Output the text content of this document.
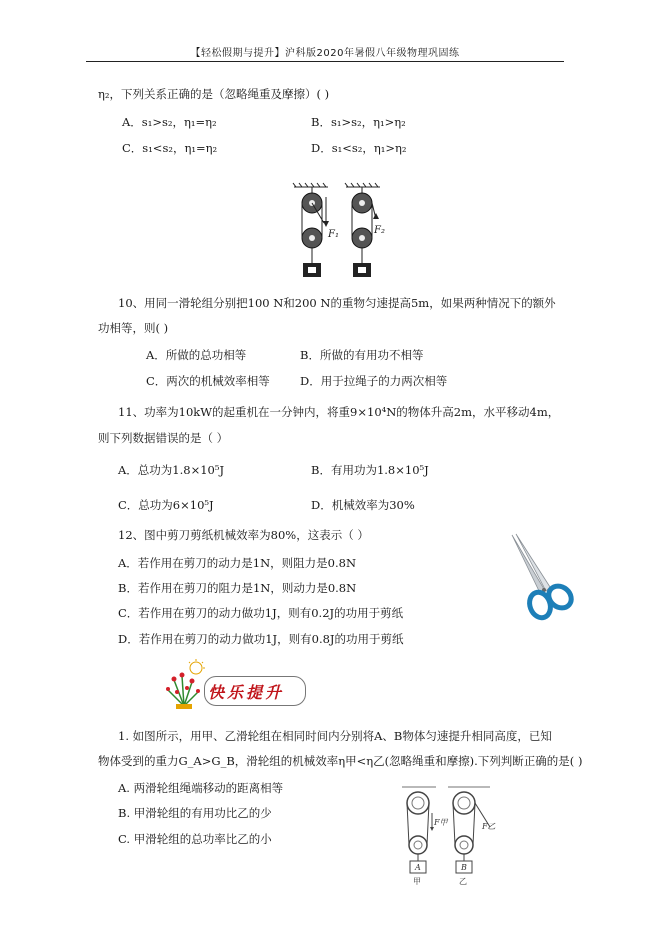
【轻松假期与提升】沪科版2020年暑假八年级物理巩固练
η₂，下列关系正确的是（忽略绳重及摩擦）( )
A．s₁>s₂，η₁=η₂	B．s₁>s₂，η₁>η₂
C．s₁<s₂，η₁=η₂	D．s₁<s₂，η₁>η₂
F₁	F₂
10、用同一滑轮组分别把100 N和200 N的重物匀速提高5m，如果两种情况下的额外
功相等，则( )
A．所做的总功相等	B．所做的有用功不相等
C．两次的机械效率相等	D．用于拉绳子的力两次相等
11、功率为10kW的起重机在一分钟内，将重9×10⁴N的物体升高2m，水平移动4m，
则下列数据错误的是（ ）
A．总功为1.8×10⁵J	B．有用功为1.8×10⁵J
C．总功为6×10⁵J	D．机械效率为30%
12、图中剪刀剪纸机械效率为80%，这表示（ ）
A．若作用在剪刀的动力是1N，则阻力是0.8N
B．若作用在剪刀的阻力是1N，则动力是0.8N
C．若作用在剪刀的动力做功1J，则有0.2J的功用于剪纸
D．若作用在剪刀的动力做功1J，则有0.8J的功用于剪纸
快乐提升
1. 如图所示，用甲、乙滑轮组在相同时间内分别将A、B物体匀速提升相同高度，已知
物体受到的重力G_A>G_B，滑轮组的机械效率η甲<η乙(忽略绳重和摩擦).下列判断正确的是( )
A. 两滑轮组绳端移动的距离相等
B. 甲滑轮组的有用功比乙的少
C. 甲滑轮组的总功率比乙的小
F甲
A
甲
F乙
B
乙
